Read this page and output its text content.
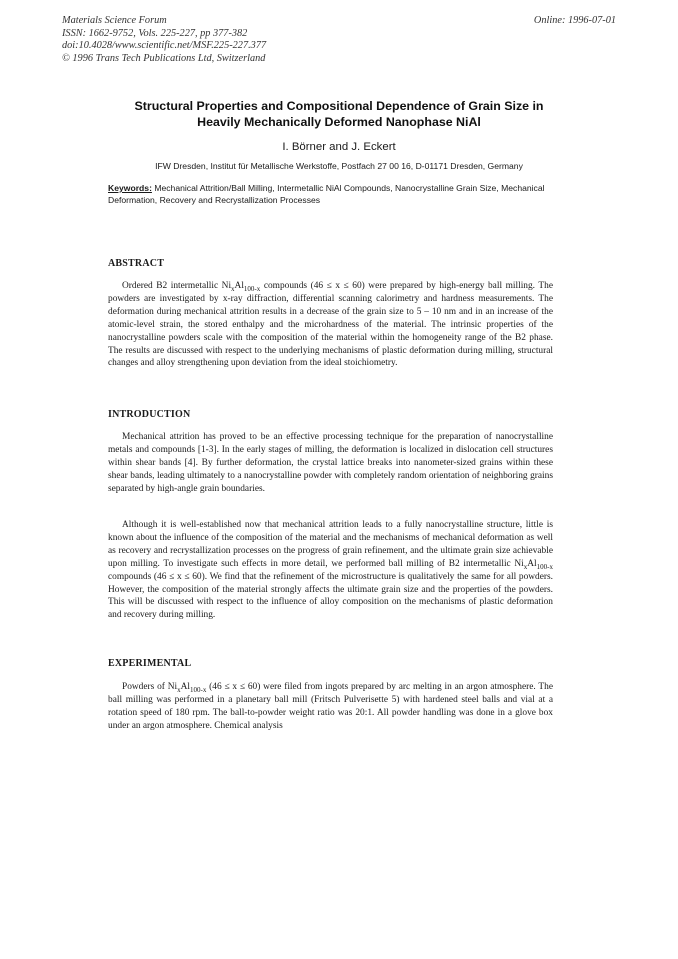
Materials Science Forum
ISSN: 1662-9752, Vols. 225-227, pp 377-382
doi:10.4028/www.scientific.net/MSF.225-227.377
© 1996 Trans Tech Publications Ltd, Switzerland
Online: 1996-07-01
Structural Properties and Compositional Dependence of Grain Size in
Heavily Mechanically Deformed Nanophase NiAl
I. Börner and J. Eckert
IFW Dresden, Institut für Metallische Werkstoffe, Postfach 27 00 16, D-01171 Dresden, Germany
Keywords: Mechanical Attrition/Ball Milling, Intermetallic NiAl Compounds, Nanocrystalline Grain Size, Mechanical Deformation, Recovery and Recrystallization Processes
ABSTRACT
Ordered B2 intermetallic $Ni_xAl_{100-x}$ compounds (46 ≤ x ≤ 60) were prepared by high-energy ball milling. The powders are investigated by x-ray diffraction, differential scanning calorimetry and hardness measurements. The deformation during mechanical attrition results in a decrease of the grain size to 5 – 10 nm and in an increase of the atomic-level strain, the stored enthalpy and the microhardness of the material. The intrinsic properties of the nanocrystalline powders scale with the composition of the material within the homogeneity range of the B2 phase. The results are discussed with respect to the underlying mechanisms of plastic deformation during milling, structural changes and alloy strengthening upon deviation from the ideal stoichiometry.
INTRODUCTION
Mechanical attrition has proved to be an effective processing technique for the preparation of nanocrystalline metals and compounds [1-3]. In the early stages of milling, the deformation is localized in dislocation cell structures within shear bands [4]. By further deformation, the crystal lattice breaks into nanometer-sized grains within these shear bands, leading ultimately to a nanocrystalline powder with completely random orientation of neighboring grains separated by high-angle grain boundaries.
Although it is well-established now that mechanical attrition leads to a fully nanocrystalline structure, little is known about the influence of the composition of the material and the mechanisms of mechanical deformation as well as recovery and recrystallization processes on the progress of grain refinement, and the ultimate grain size achievable upon milling. To investigate such effects in more detail, we performed ball milling of B2 intermetallic $Ni_xAl_{100-x}$ compounds (46 ≤ x ≤ 60). We find that the refinement of the microstructure is qualitatively the same for all powders. However, the composition of the material strongly affects the ultimate grain size and the properties of the powders. This will be discussed with respect to the influence of alloy composition on the mechanisms of plastic deformation and recovery during milling.
EXPERIMENTAL
Powders of $Ni_xAl_{100-x}$ (46 ≤ x ≤ 60) were filed from ingots prepared by arc melting in an argon atmosphere. The ball milling was performed in a planetary ball mill (Fritsch Pulverisette 5) with hardened steel balls and vial at a rotation speed of 180 rpm. The ball-to-powder weight ratio was 20:1. All powder handling was done in a glove box under an argon atmosphere. Chemical analysis
